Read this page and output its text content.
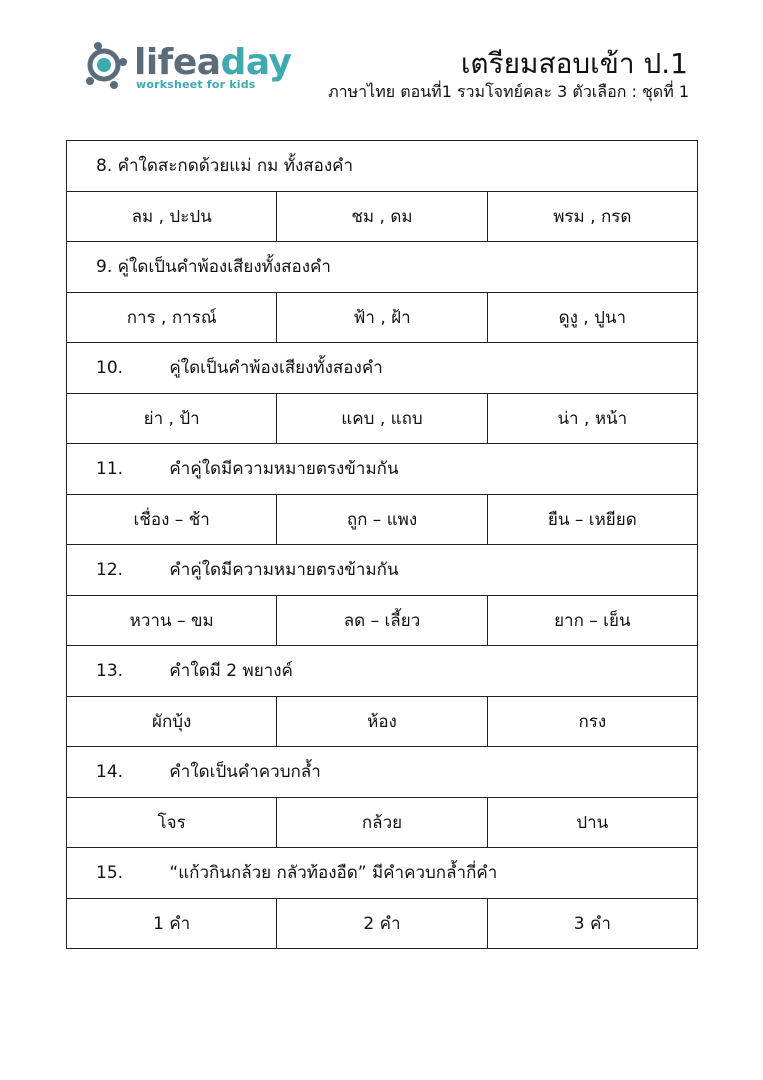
lifeaday
worksheet for kids
เตรียมสอบเข้า ป.1
ภาษาไทย ตอนที่1 รวมโจทย์คละ 3 ตัวเลือก : ชุดที่ 1
8. คำใดสะกดด้วยแม่ กม ทั้งสองคำ		
ลม , ปะปน	ชม , ดม	พรม , กรด
9. คู่ใดเป็นคำพ้องเสียงทั้งสองคำ		
การ , การณ์	ฟ้า , ฝ้า	ดูงู , ปูนา
10. คู่ใดเป็นคำพ้องเสียงทั้งสองคำ		
ย่า , ป้า	แคบ , แถบ	น่า , หน้า
11. คำคู่ใดมีความหมายตรงข้ามกัน		
เชื่อง – ช้า	ถูก – แพง	ยืน – เหยียด
12. คำคู่ใดมีความหมายตรงข้ามกัน		
หวาน – ขม	ลด – เลี้ยว	ยาก – เย็น
13. คำใดมี 2 พยางค์		
ผักบุ้ง	ห้อง	กรง
14. คำใดเป็นคำควบกล้ำ		
โจร	กล้วย	ปาน
15. “แก้วกินกล้วย กลัวท้องอืด” มีคำควบกล้ำกี่คำ		
1 คำ	2 คำ	3 คำ
